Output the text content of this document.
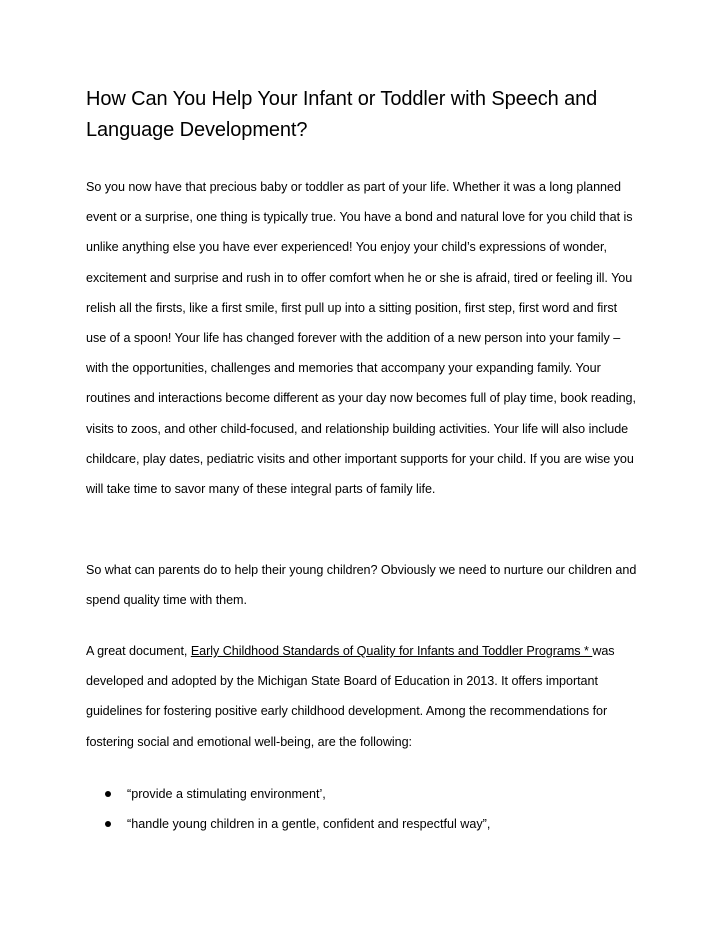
How Can You Help Your Infant or Toddler with Speech and Language Development?

So you now have that precious baby or toddler as part of your life. Whether it was a long planned event or a surprise, one thing is typically true. You have a bond and natural love for you child that is unlike anything else you have ever experienced! You enjoy your child’s expressions of wonder, excitement and surprise and rush in to offer comfort when he or she is afraid, tired or feeling ill. You relish all the firsts, like a first smile, first pull up into a sitting position, first step, first word and first use of a spoon! Your life has changed forever with the addition of a new person into your family – with the opportunities, challenges and memories that accompany your expanding family. Your routines and interactions become different as your day now becomes full of play time, book reading, visits to zoos, and other child-focused, and relationship building activities. Your life will also include childcare, play dates, pediatric visits and other important supports for your child. If you are wise you will take time to savor many of these integral parts of family life.

So what can parents do to help their young children? Obviously we need to nurture our children and spend quality time with them.

A great document, Early Childhood Standards of Quality for Infants and Toddler Programs * was developed and adopted by the Michigan State Board of Education in 2013. It offers important guidelines for fostering positive early childhood development. Among the recommendations for fostering social and emotional well-being, are the following:

“provide a stimulating environment’,
“handle young children in a gentle, confident and respectful way”,
